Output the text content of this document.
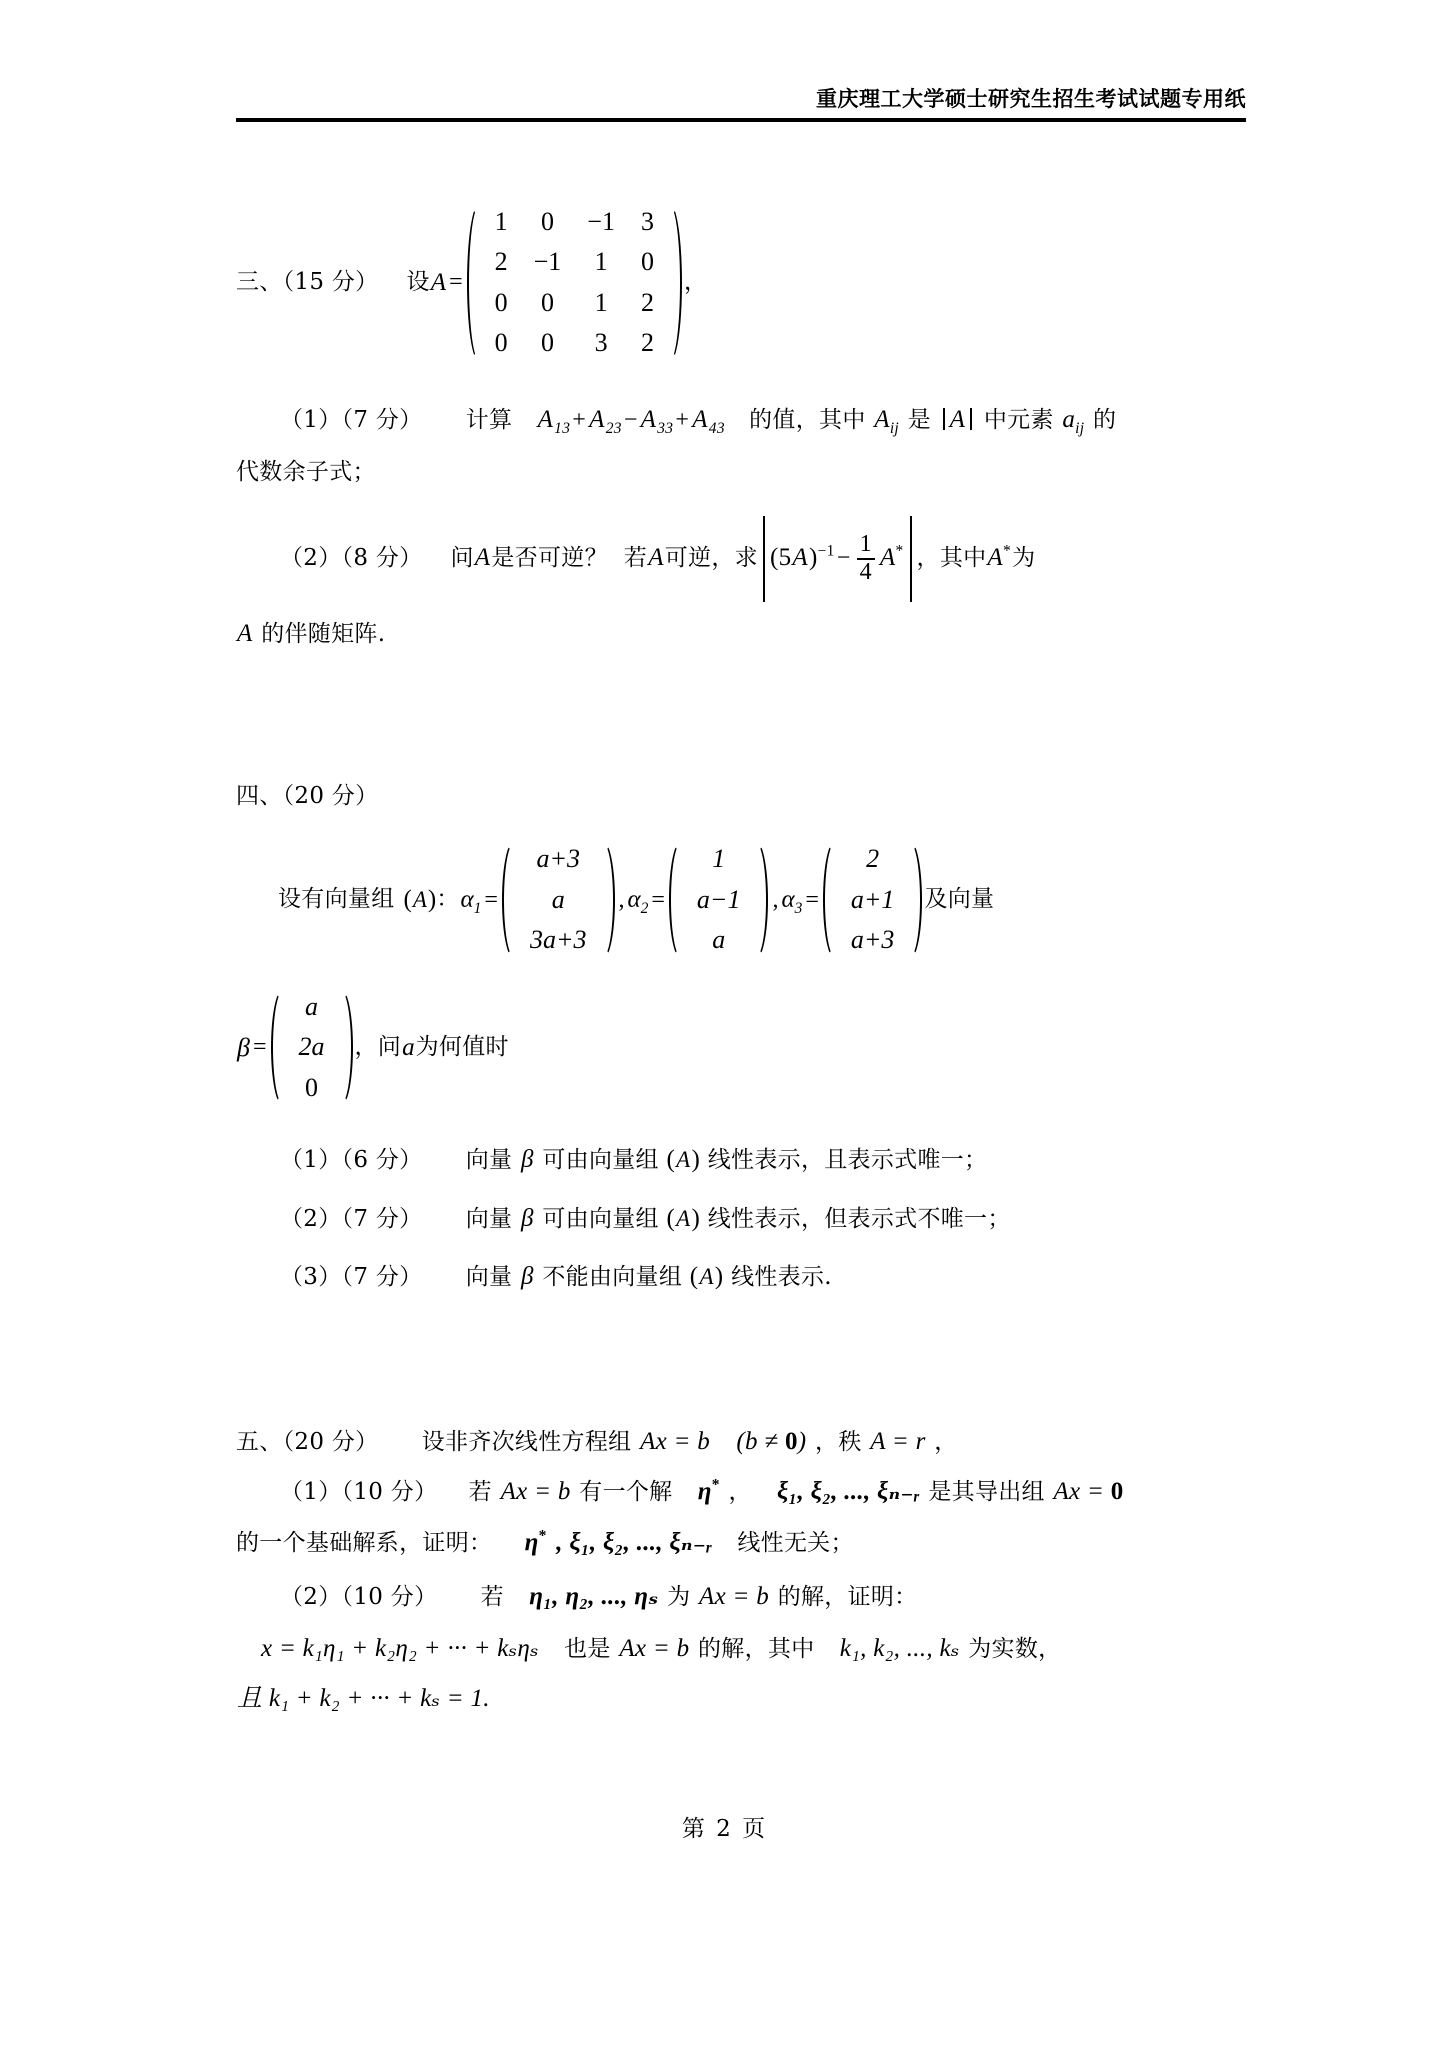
重庆理工大学硕士研究生招生考试试题专用纸
三、（15 分） 设 A =
1	0	−1	3
2	−1	1	0
0	0	1	2
0	0	3	2
，
（1）（7 分） 计算 $A_{13}+ A_{23}- A_{33}+ A_{43}$ 的值，其中 $A_{ij}$ 是 A 中元素 $a_{ij}$ 的
代数余子式；
（2）（8 分） 问 A 是否可逆？ 若 A 可逆，求 $(5A)^{-1} - \frac{1}{4} A^*$ ，其中 A* 为
A 的伴随矩阵.
四、（20 分）
设有向量组 (A) ： $\alpha_1$ =
a+3
a
3a+3
, $\alpha_2$ =
1
a−1
a
, $\alpha_3$ =
2
a+1
a+3
及向量
β =
a
2a
0
，问 a 为何值时
（1）（6 分） 向量 β 可由向量组 (A) 线性表示，且表示式唯一；
（2）（7 分） 向量 β 可由向量组 (A) 线性表示，但表示式不唯一；
（3）（7 分） 向量 β 不能由向量组 (A) 线性表示.
五、（20 分） 设非齐次线性方程组 Ax = b (b ≠ 0) ，秩 A = r ，
（1）（10 分） 若 Ax = b 有一个解 η* ， ξ₁, ξ₂, ..., ξₙ₋ᵣ 是其导出组 Ax = 0
的一个基础解系，证明： η* , ξ₁, ξ₂, ..., ξₙ₋ᵣ 线性无关；
（2）（10 分） 若 η₁, η₂, ..., ηₛ 为 Ax = b 的解，证明：
x = k₁η₁ + k₂η₂ + ··· + kₛηₛ 也是 Ax = b 的解，其中 k₁, k₂, ..., kₛ 为实数，
且 k₁ + k₂ + ··· + kₛ = 1.
第 2 页
